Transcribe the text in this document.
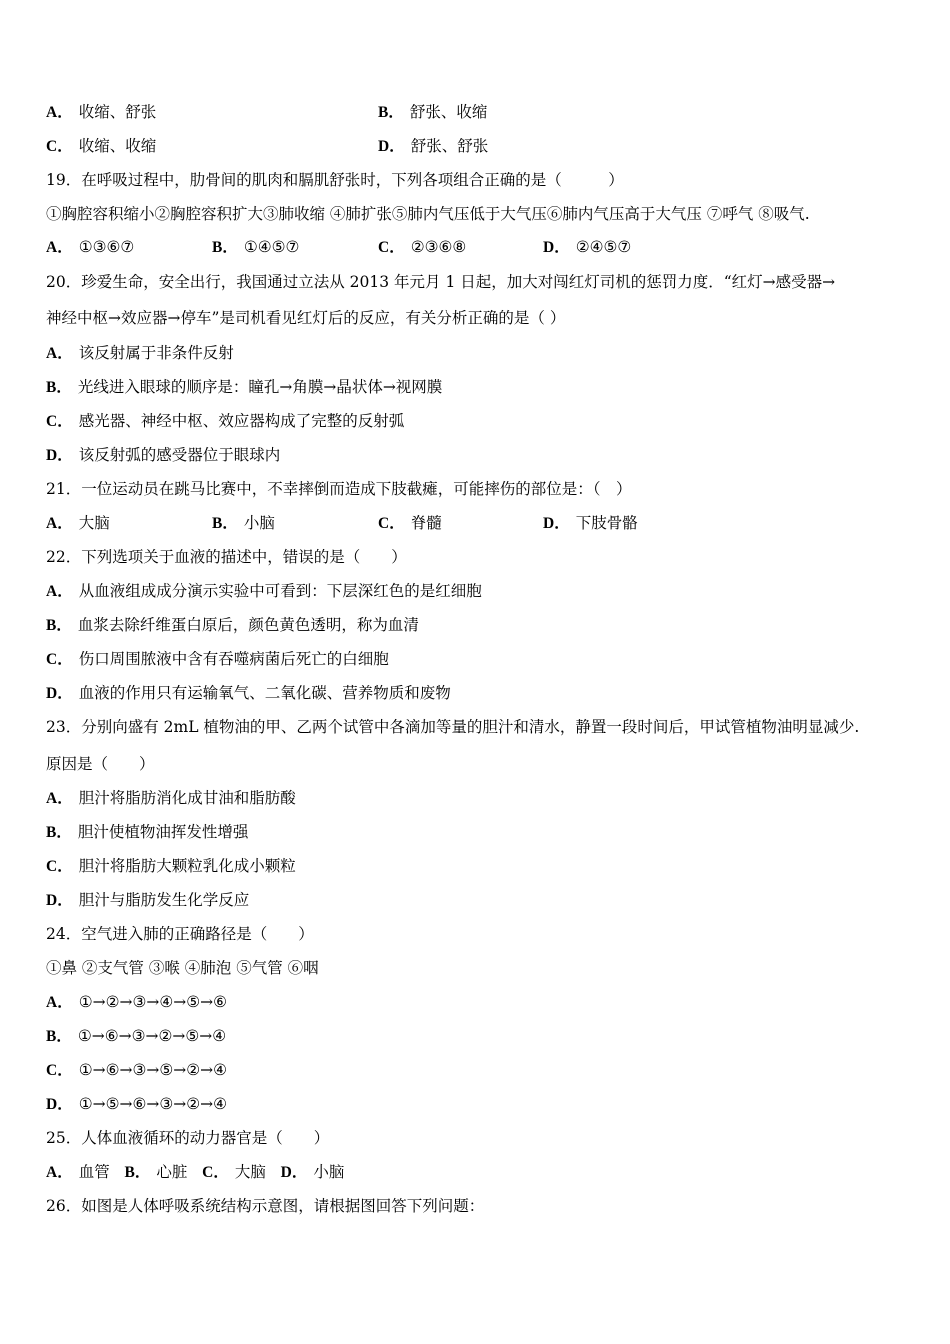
A． 收缩、舒张	B． 舒张、收缩
C． 收缩、收缩	D． 舒张、舒张
19．在呼吸过程中，肋骨间的肌肉和膈肌舒张时，下列各项组合正确的是（　　　）
①胸腔容积缩小②胸腔容积扩大③肺收缩 ④肺扩张⑤肺内气压低于大气压⑥肺内气压高于大气压 ⑦呼气 ⑧吸气.
A． ①③⑥⑦	B． ①④⑤⑦	C． ②③⑥⑧	D． ②④⑤⑦
20．珍爱生命，安全出行，我国通过立法从 2013 年元月 1 日起，加大对闯红灯司机的惩罚力度．“红灯→感受器→
神经中枢→效应器→停车”是司机看见红灯后的反应，有关分析正确的是（ ）
A． 该反射属于非条件反射
B． 光线进入眼球的顺序是：瞳孔→角膜→晶状体→视网膜
C． 感光器、神经中枢、效应器构成了完整的反射弧
D． 该反射弧的感受器位于眼球内
21．一位运动员在跳马比赛中，不幸摔倒而造成下肢截瘫，可能摔伤的部位是：（　）
A． 大脑	B． 小脑	C． 脊髓	D． 下肢骨骼
22．下列选项关于血液的描述中，错误的是（　　）
A． 从血液组成成分演示实验中可看到：下层深红色的是红细胞
B． 血浆去除纤维蛋白原后，颜色黄色透明，称为血清
C． 伤口周围脓液中含有吞噬病菌后死亡的白细胞
D． 血液的作用只有运输氧气、二氧化碳、营养物质和废物
23．分别向盛有 2mL 植物油的甲、乙两个试管中各滴加等量的胆汁和清水，静置一段时间后，甲试管植物油明显减少.
原因是（　　）
A． 胆汁将脂肪消化成甘油和脂肪酸
B． 胆汁使植物油挥发性增强
C． 胆汁将脂肪大颗粒乳化成小颗粒
D． 胆汁与脂肪发生化学反应
24．空气进入肺的正确路径是（　　）
①鼻 ②支气管 ③喉 ④肺泡 ⑤气管 ⑥咽
A． ①→②→③→④→⑤→⑥
B． ①→⑥→③→②→⑤→④
C． ①→⑥→③→⑤→②→④
D． ①→⑤→⑥→③→②→④
25．人体血液循环的动力器官是（　　）
A． 血管 B． 心脏 C． 大脑 D． 小脑
26．如图是人体呼吸系统结构示意图，请根据图回答下列问题：
